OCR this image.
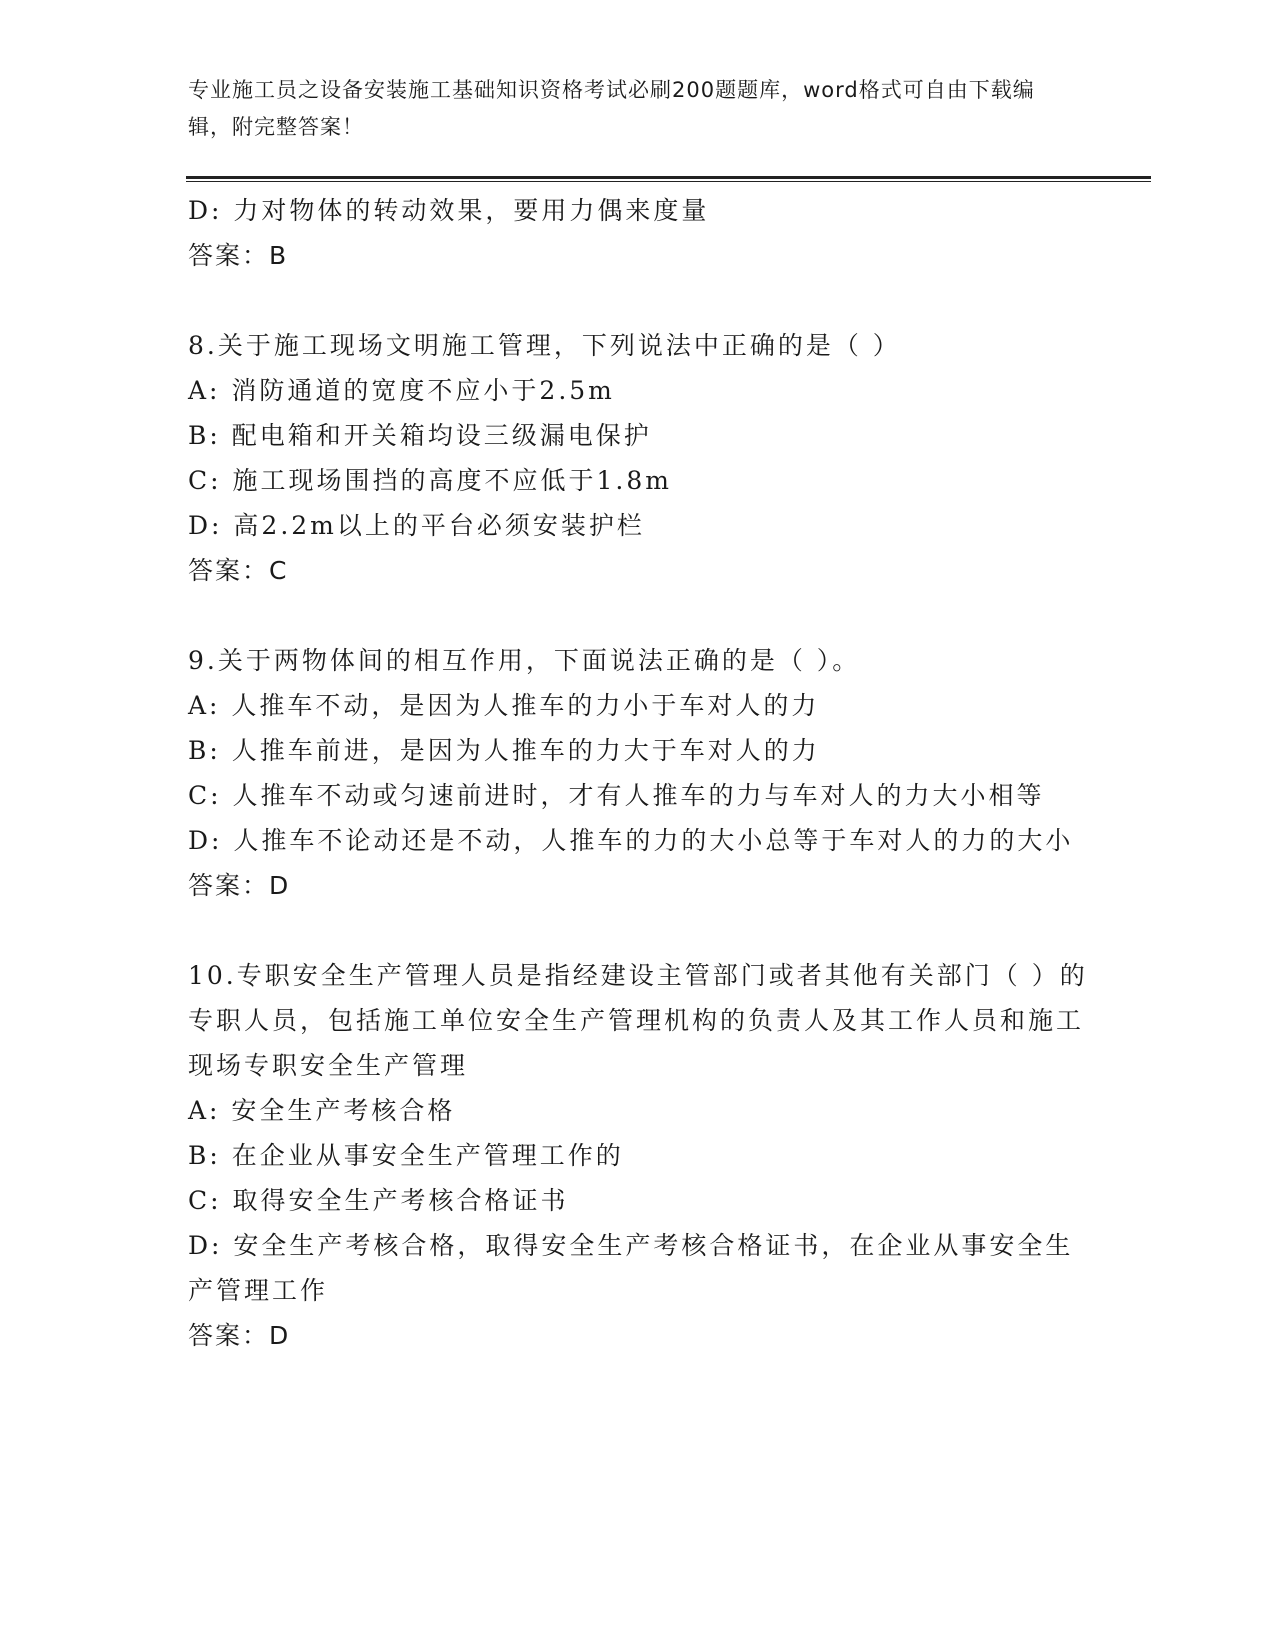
专业施工员之设备安装施工基础知识资格考试必刷200题题库，word格式可自由下载编辑，附完整答案！
D: 力对物体的转动效果，要用力偶来度量
答案：B
8.关于施工现场文明施工管理，下列说法中正确的是（ ）
A: 消防通道的宽度不应小于2.5m
B: 配电箱和开关箱均设三级漏电保护
C: 施工现场围挡的高度不应低于1.8m
D: 高2.2m以上的平台必须安装护栏
答案：C
9.关于两物体间的相互作用，下面说法正确的是（ ）。
A: 人推车不动，是因为人推车的力小于车对人的力
B: 人推车前进，是因为人推车的力大于车对人的力
C: 人推车不动或匀速前进时，才有人推车的力与车对人的力大小相等
D: 人推车不论动还是不动，人推车的力的大小总等于车对人的力的大小
答案：D
10.专职安全生产管理人员是指经建设主管部门或者其他有关部门（ ）的专职人员，包括施工单位安全生产管理机构的负责人及其工作人员和施工现场专职安全生产管理
A: 安全生产考核合格
B: 在企业从事安全生产管理工作的
C: 取得安全生产考核合格证书
D: 安全生产考核合格，取得安全生产考核合格证书，在企业从事安全生产管理工作
答案：D
